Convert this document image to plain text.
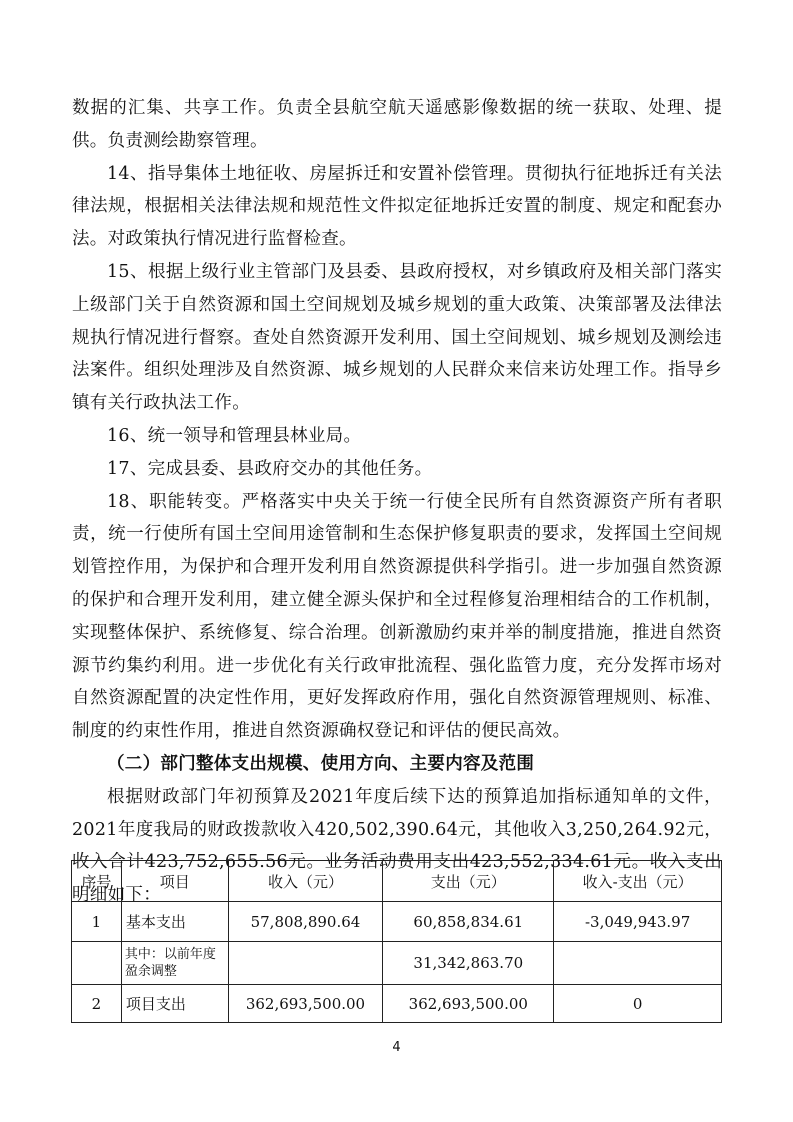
数据的汇集、共享工作。负责全县航空航天遥感影像数据的统一获取、处理、提供。负责测绘勘察管理。

14、指导集体土地征收、房屋拆迁和安置补偿管理。贯彻执行征地拆迁有关法律法规，根据相关法律法规和规范性文件拟定征地拆迁安置的制度、规定和配套办法。对政策执行情况进行监督检查。

15、根据上级行业主管部门及县委、县政府授权，对乡镇政府及相关部门落实上级部门关于自然资源和国土空间规划及城乡规划的重大政策、决策部署及法律法规执行情况进行督察。查处自然资源开发利用、国土空间规划、城乡规划及测绘违法案件。组织处理涉及自然资源、城乡规划的人民群众来信来访处理工作。指导乡镇有关行政执法工作。

16、统一领导和管理县林业局。

17、完成县委、县政府交办的其他任务。

18、职能转变。严格落实中央关于统一行使全民所有自然资源资产所有者职责，统一行使所有国土空间用途管制和生态保护修复职责的要求，发挥国土空间规划管控作用，为保护和合理开发利用自然资源提供科学指引。进一步加强自然资源的保护和合理开发利用，建立健全源头保护和全过程修复治理相结合的工作机制，实现整体保护、系统修复、综合治理。创新激励约束并举的制度措施，推进自然资源节约集约利用。进一步优化有关行政审批流程、强化监管力度，充分发挥市场对自然资源配置的决定性作用，更好发挥政府作用，强化自然资源管理规则、标准、制度的约束性作用，推进自然资源确权登记和评估的便民高效。

（二）部门整体支出规模、使用方向、主要内容及范围

根据财政部门年初预算及2021年度后续下达的预算追加指标通知单的文件，2021年度我局的财政拨款收入420,502,390.64元，其他收入3,250,264.92元，收入合计423,752,655.56元。业务活动费用支出423,552,334.61元。收入支出明细如下：

序号	项目	收入（元）	支出（元）	收入-支出（元）
1	基本支出	57,808,890.64	60,858,834.61	-3,049,943.97
	其中：以前年度盈余调整		31,342,863.70	
2	项目支出	362,693,500.00	362,693,500.00	0
4
